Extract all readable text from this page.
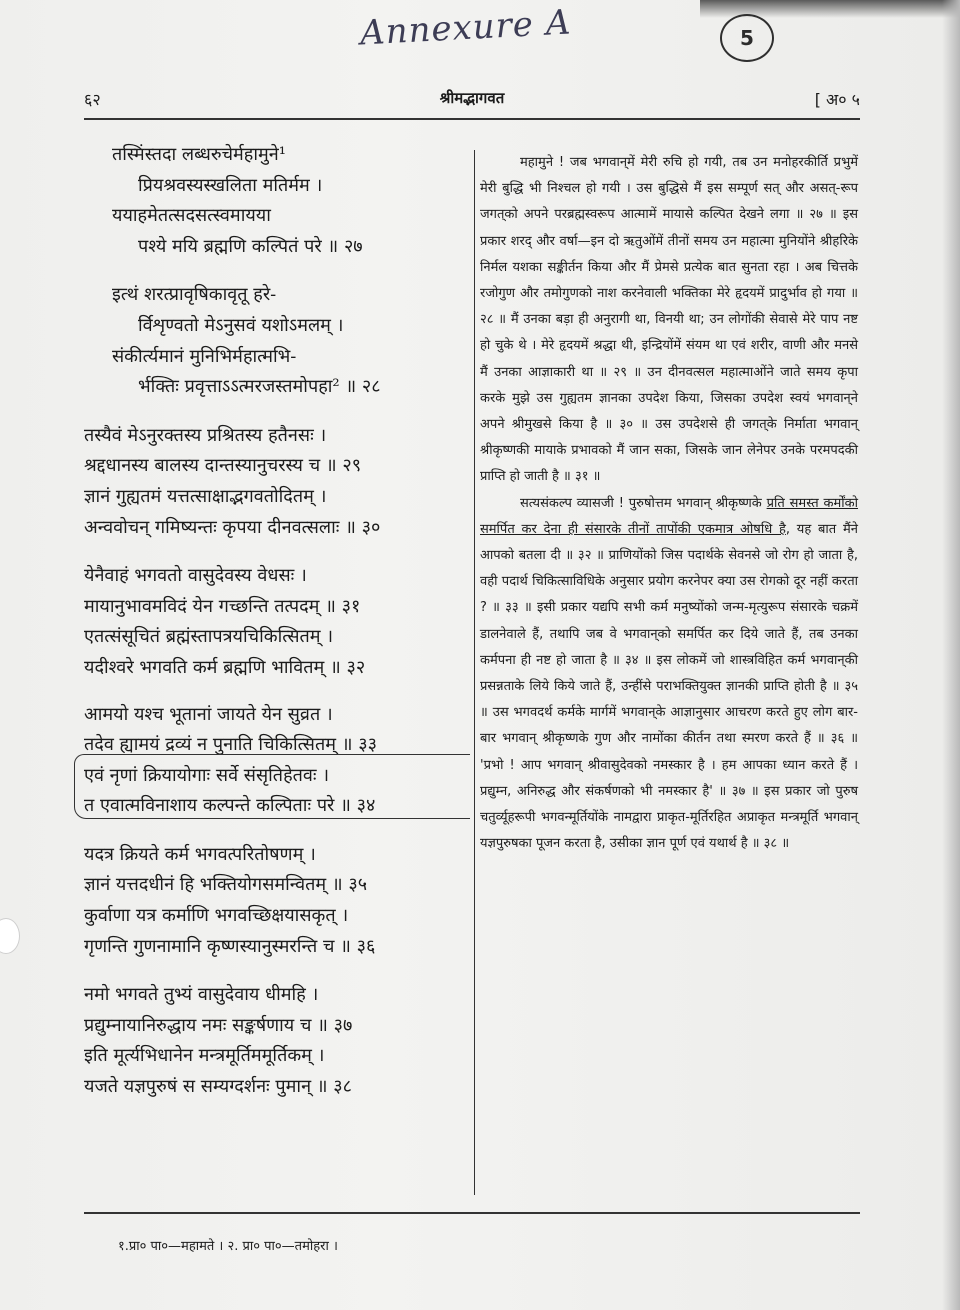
Annexure A	5
६२	श्रीमद्भागवत	[ अ० ५
तस्मिंस्तदा लब्धरुचेर्महामुने¹
प्रियश्रवस्यस्खलिता मतिर्मम ।
ययाहमेतत्सदसत्स्वमायया
पश्ये मयि ब्रह्मणि कल्पितं परे ॥ २७
इत्थं शरत्प्रावृषिकावृतू हरे-
र्विशृण्वतो मेऽनुसवं यशोऽमलम् ।
संकीर्त्यमानं मुनिभिर्महात्मभि-
र्भक्तिः प्रवृत्ताऽऽत्मरजस्तमोपहा² ॥ २८
तस्यैवं मेऽनुरक्तस्य प्रश्रितस्य हतैनसः ।
श्रद्दधानस्य बालस्य दान्तस्यानुचरस्य च ॥ २९
ज्ञानं गुह्यतमं यत्तत्साक्षाद्भगवतोदितम् ।
अन्ववोचन् गमिष्यन्तः कृपया दीनवत्सलाः ॥ ३०
येनैवाहं भगवतो वासुदेवस्य वेधसः ।
मायानुभावमविदं येन गच्छन्ति तत्पदम् ॥ ३१
एतत्संसूचितं ब्रह्मंस्तापत्रयचिकित्सितम् ।
यदीश्वरे भगवति कर्म ब्रह्मणि भावितम् ॥ ३२
आमयो यश्च भूतानां जायते येन सुव्रत ।
तदेव ह्यामयं द्रव्यं न पुनाति चिकित्सितम् ॥ ३३
एवं नृणां क्रियायोगाः सर्वे संसृतिहेतवः ।
त एवात्मविनाशाय कल्पन्ते कल्पिताः परे ॥ ३४
यदत्र क्रियते कर्म भगवत्परितोषणम् ।
ज्ञानं यत्तदधीनं हि भक्तियोगसमन्वितम् ॥ ३५
कुर्वाणा यत्र कर्माणि भगवच्छिक्षयासकृत् ।
गृणन्ति गुणनामानि कृष्णस्यानुस्मरन्ति च ॥ ३६
नमो भगवते तुभ्यं वासुदेवाय धीमहि ।
प्रद्युम्नायानिरुद्धाय नमः सङ्कर्षणाय च ॥ ३७
इति मूर्त्यभिधानेन मन्त्रमूर्तिममूर्तिकम् ।
यजते यज्ञपुरुषं स सम्यग्दर्शनः पुमान् ॥ ३८

महामुने ! जब भगवान्‌में मेरी रुचि हो गयी, तब उन मनोहरकीर्ति प्रभुमें मेरी बुद्धि भी निश्चल हो गयी । उस बुद्धिसे मैं इस सम्पूर्ण सत् और असत्-रूप जगत्‌को अपने परब्रह्मस्वरूप आत्मामें मायासे कल्पित देखने लगा ॥ २७ ॥ इस प्रकार शरद् और वर्षा—इन दो ऋतुओंमें तीनों समय उन महात्मा मुनियोंने श्रीहरिके निर्मल यशका सङ्कीर्तन किया और मैं प्रेमसे प्रत्येक बात सुनता रहा । अब चित्तके रजोगुण और तमोगुणको नाश करनेवाली भक्तिका मेरे हृदयमें प्रादुर्भाव हो गया ॥ २८ ॥ मैं उनका बड़ा ही अनुरागी था, विनयी था; उन लोगोंकी सेवासे मेरे पाप नष्ट हो चुके थे । मेरे हृदयमें श्रद्धा थी, इन्द्रियोंमें संयम था एवं शरीर, वाणी और मनसे मैं उनका आज्ञाकारी था ॥ २९ ॥ उन दीनवत्सल महात्माओंने जाते समय कृपा करके मुझे उस गुह्यतम ज्ञानका उपदेश किया, जिसका उपदेश स्वयं भगवान्‌ने अपने श्रीमुखसे किया है ॥ ३० ॥ उस उपदेशसे ही जगत्‌के निर्माता भगवान् श्रीकृष्णकी मायाके प्रभावको मैं जान सका, जिसके जान लेनेपर उनके परमपदकी प्राप्ति हो जाती है ॥ ३१ ॥

सत्यसंकल्प व्यासजी ! पुरुषोत्तम भगवान् श्रीकृष्णके प्रति समस्त कर्मोंको समर्पित कर देना ही संसारके तीनों तापोंकी एकमात्र ओषधि है, यह बात मैंने आपको बतला दी ॥ ३२ ॥ प्राणियोंको जिस पदार्थके सेवनसे जो रोग हो जाता है, वही पदार्थ चिकित्साविधिके अनुसार प्रयोग करनेपर क्या उस रोगको दूर नहीं करता ? ॥ ३३ ॥ इसी प्रकार यद्यपि सभी कर्म मनुष्योंको जन्म-मृत्युरूप संसारके चक्रमें डालनेवाले हैं, तथापि जब वे भगवान्‌को समर्पित कर दिये जाते हैं, तब उनका कर्मपना ही नष्ट हो जाता है ॥ ३४ ॥ इस लोकमें जो शास्त्रविहित कर्म भगवान्‌की प्रसन्नताके लिये किये जाते हैं, उन्हींसे पराभक्तियुक्त ज्ञानकी प्राप्ति होती है ॥ ३५ ॥ उस भगवदर्थ कर्मके मार्गमें भगवान्‌के आज्ञानुसार आचरण करते हुए लोग बार-बार भगवान् श्रीकृष्णके गुण और नामोंका कीर्तन तथा स्मरण करते हैं ॥ ३६ ॥ 'प्रभो ! आप भगवान् श्रीवासुदेवको नमस्कार है । हम आपका ध्यान करते हैं । प्रद्युम्न, अनिरुद्ध और संकर्षणको भी नमस्कार है' ॥ ३७ ॥ इस प्रकार जो पुरुष चतुर्व्यूहरूपी भगवन्मूर्तियोंके नामद्वारा प्राकृत-मूर्तिरहित अप्राकृत मन्त्रमूर्ति भगवान् यज्ञपुरुषका पूजन करता है, उसीका ज्ञान पूर्ण एवं यथार्थ है ॥ ३८ ॥

१.प्रा० पा०—महामते । २. प्रा० पा०—तमोहरा ।
